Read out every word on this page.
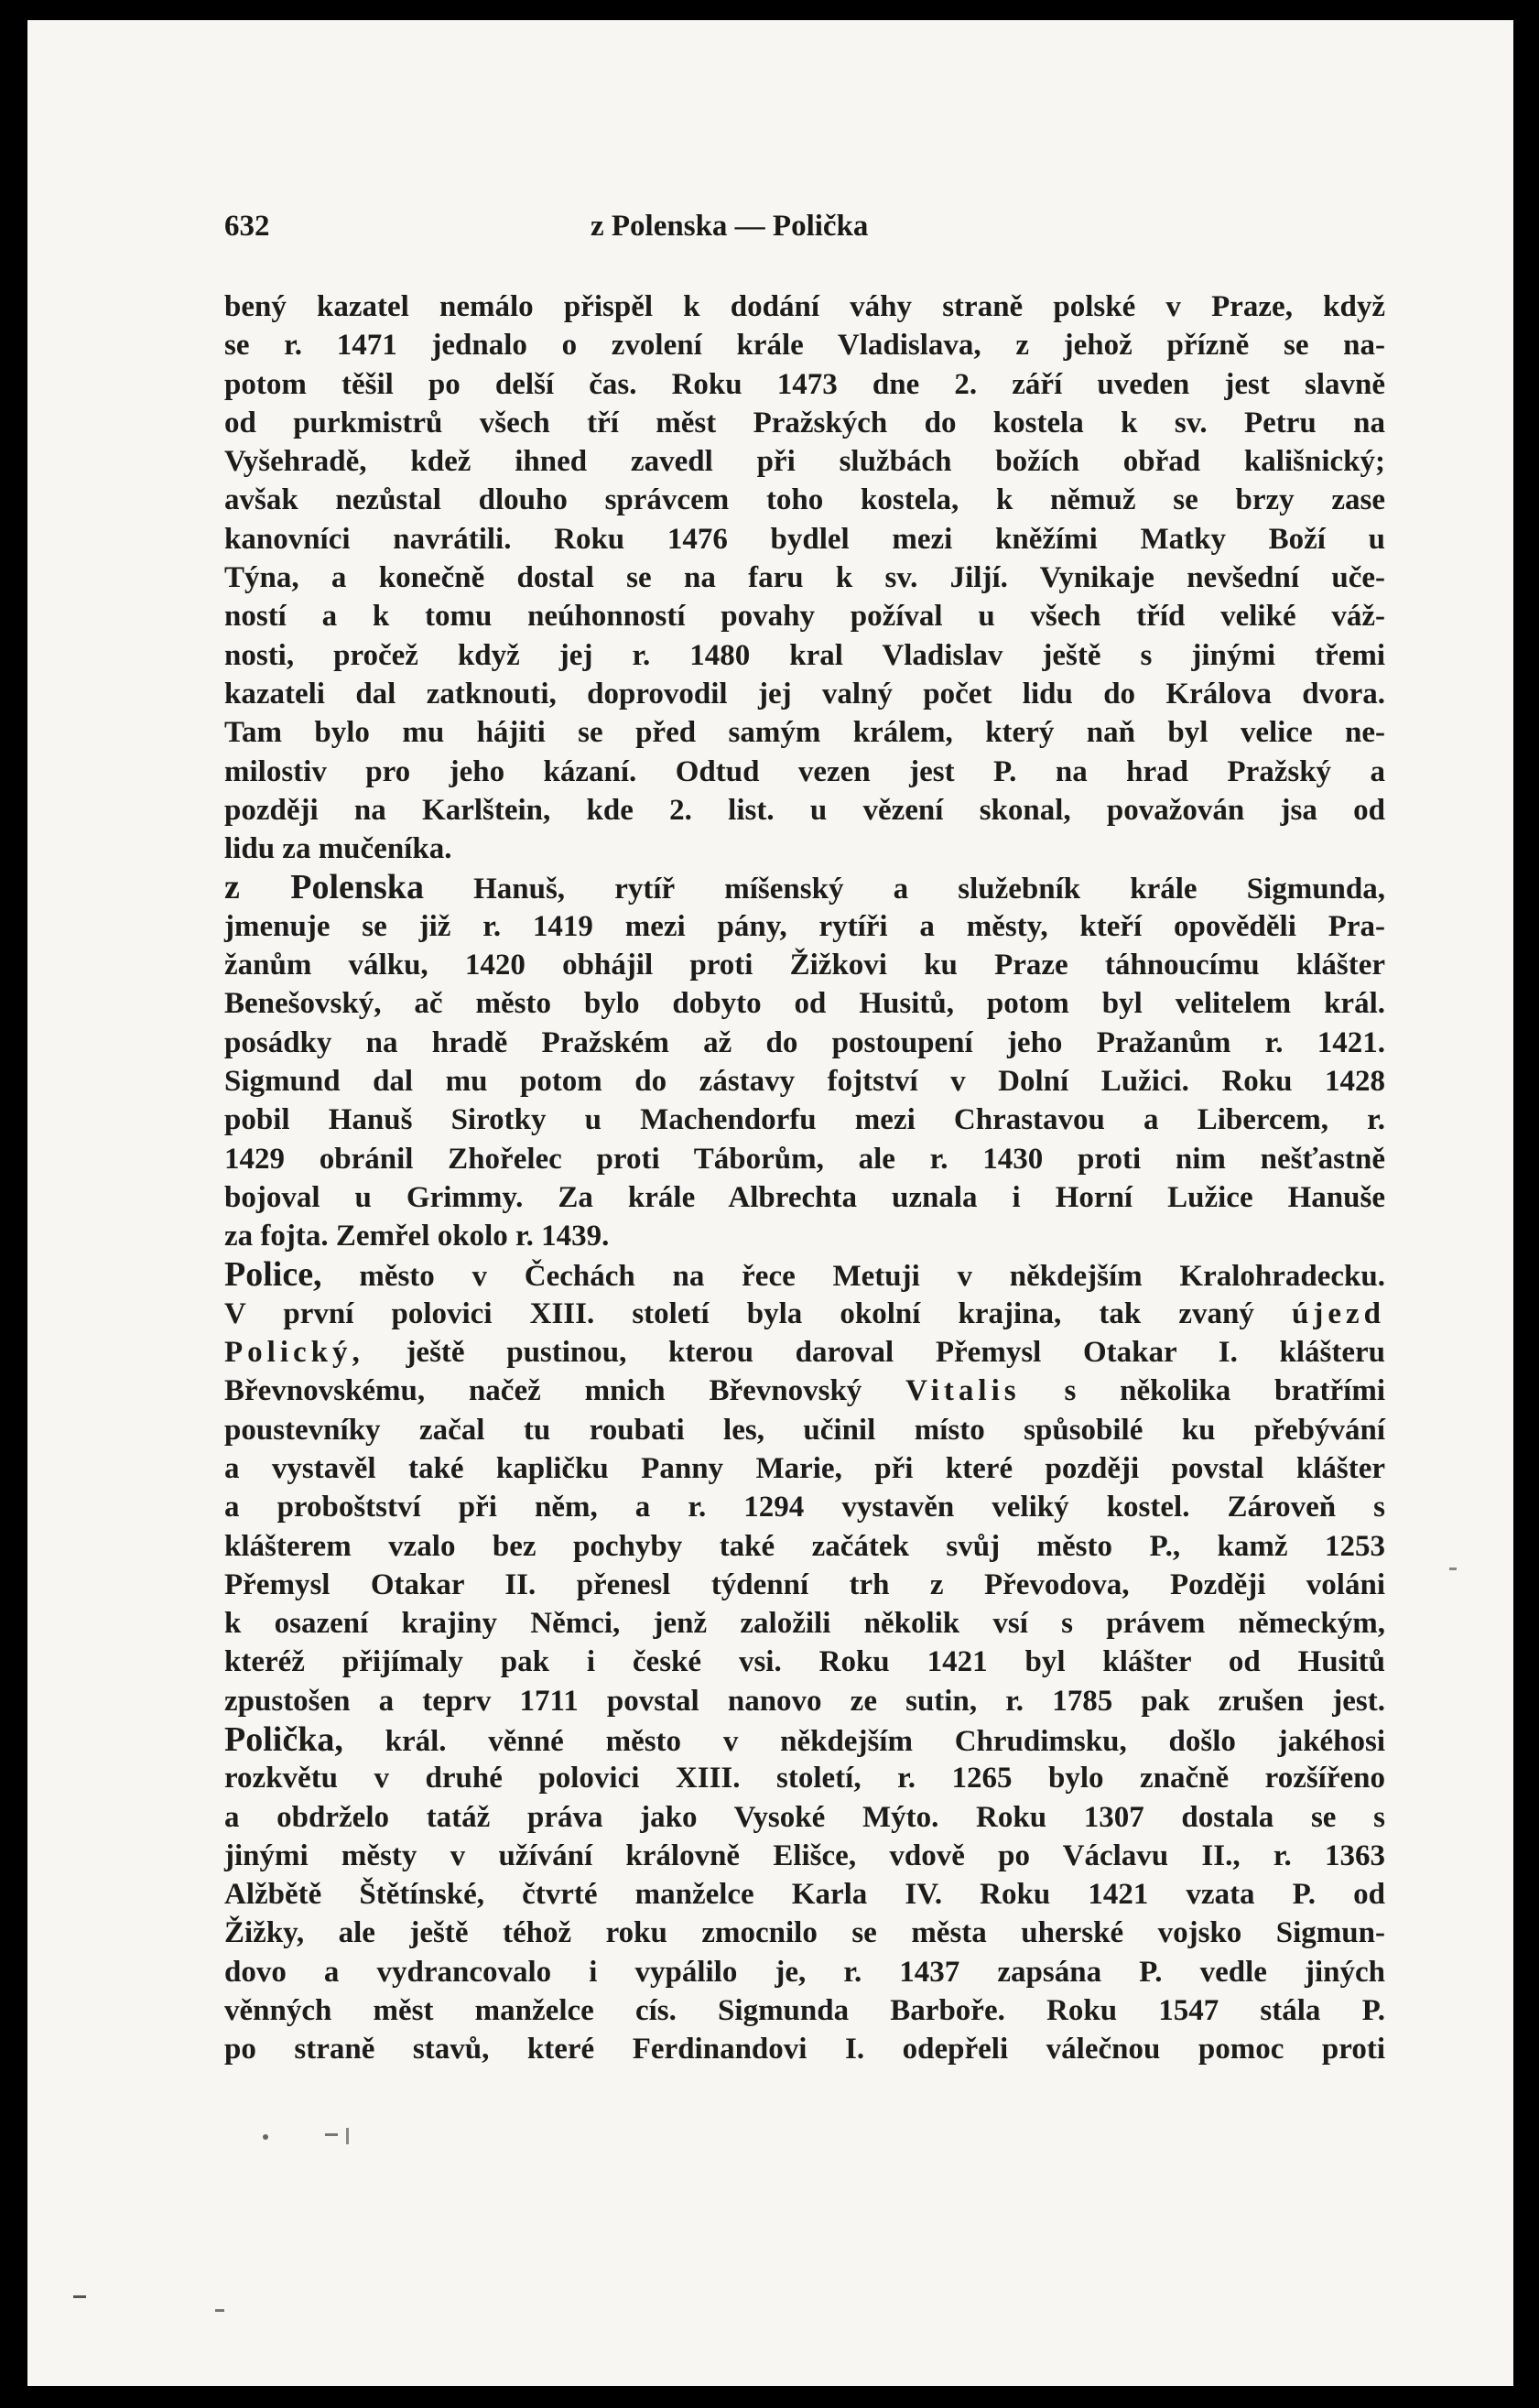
632	z Polenska — Polička
bený kazatel nemálo přispěl k dodání váhy straně polské v Praze, když
se r. 1471 jednalo o zvolení krále Vladislava, z jehož přízně se na-
potom těšil po delší čas. Roku 1473 dne 2. září uveden jest slavně
od purkmistrů všech tří měst Pražských do kostela k sv. Petru na
Vyšehradě, kdež ihned zavedl při službách božích obřad kališnický;
avšak nezůstal dlouho správcem toho kostela, k němuž se brzy zase
kanovníci navrátili. Roku 1476 bydlel mezi kněžími Matky Boží u
Týna, a konečně dostal se na faru k sv. Jiljí. Vynikaje nevšední uče-
ností a k tomu neúhonností povahy požíval u všech tříd veliké váž-
nosti, pročež když jej r. 1480 kral Vladislav ještě s jinými třemi
kazateli dal zatknouti, doprovodil jej valný počet lidu do Králova dvora.
Tam bylo mu hájiti se před samým králem, který naň byl velice ne-
milostiv pro jeho kázaní. Odtud vezen jest P. na hrad Pražský a
později na Karlštein, kde 2. list. u vězení skonal, považován jsa od
lidu za mučeníka.
z Polenska Hanuš, rytíř míšenský a služebník krále Sigmunda,
jmenuje se již r. 1419 mezi pány, rytíři a městy, kteří opověděli Pra-
žanům válku, 1420 obhájil proti Žižkovi ku Praze táhnoucímu klášter
Benešovský, ač město bylo dobyto od Husitů, potom byl velitelem král.
posádky na hradě Pražském až do postoupení jeho Pražanům r. 1421.
Sigmund dal mu potom do zástavy fojtství v Dolní Lužici. Roku 1428
pobil Hanuš Sirotky u Machendorfu mezi Chrastavou a Libercem, r.
1429 obránil Zhořelec proti Táborům, ale r. 1430 proti nim nešťastně
bojoval u Grimmy. Za krále Albrechta uznala i Horní Lužice Hanuše
za fojta. Zemřel okolo r. 1439.
Police, město v Čechách na řece Metuji v někdejším Kralohradecku.
V první polovici XIII. století byla okolní krajina, tak zvaný újezd
Polický, ještě pustinou, kterou daroval Přemysl Otakar I. klášteru
Břevnovskému, načež mnich Břevnovský Vitalis s několika bratřími
poustevníky začal tu roubati les, učinil místo spůsobilé ku přebývání
a vystavěl také kapličku Panny Marie, při které později povstal klášter
a proboštství při něm, a r. 1294 vystavěn veliký kostel. Zároveň s
klášterem vzalo bez pochyby také začátek svůj město P., kamž 1253
Přemysl Otakar II. přenesl týdenní trh z Převodova, Později voláni
k osazení krajiny Němci, jenž založili několik vsí s právem německým,
kteréž přijímaly pak i české vsi. Roku 1421 byl klášter od Husitů
zpustošen a teprv 1711 povstal nanovo ze sutin, r. 1785 pak zrušen jest.
Polička, král. věnné město v někdejším Chrudimsku, došlo jakéhosi
rozkvětu v druhé polovici XIII. století, r. 1265 bylo značně rozšířeno
a obdrželo tatáž práva jako Vysoké Mýto. Roku 1307 dostala se s
jinými městy v užívání královně Elišce, vdově po Václavu II., r. 1363
Alžbětě Štětínské, čtvrté manželce Karla IV. Roku 1421 vzata P. od
Žižky, ale ještě téhož roku zmocnilo se města uherské vojsko Sigmun-
dovo a vydrancovalo i vypálilo je, r. 1437 zapsána P. vedle jiných
věnných měst manželce cís. Sigmunda Barboře. Roku 1547 stála P.
po straně stavů, které Ferdinandovi I. odepřeli válečnou pomoc proti
